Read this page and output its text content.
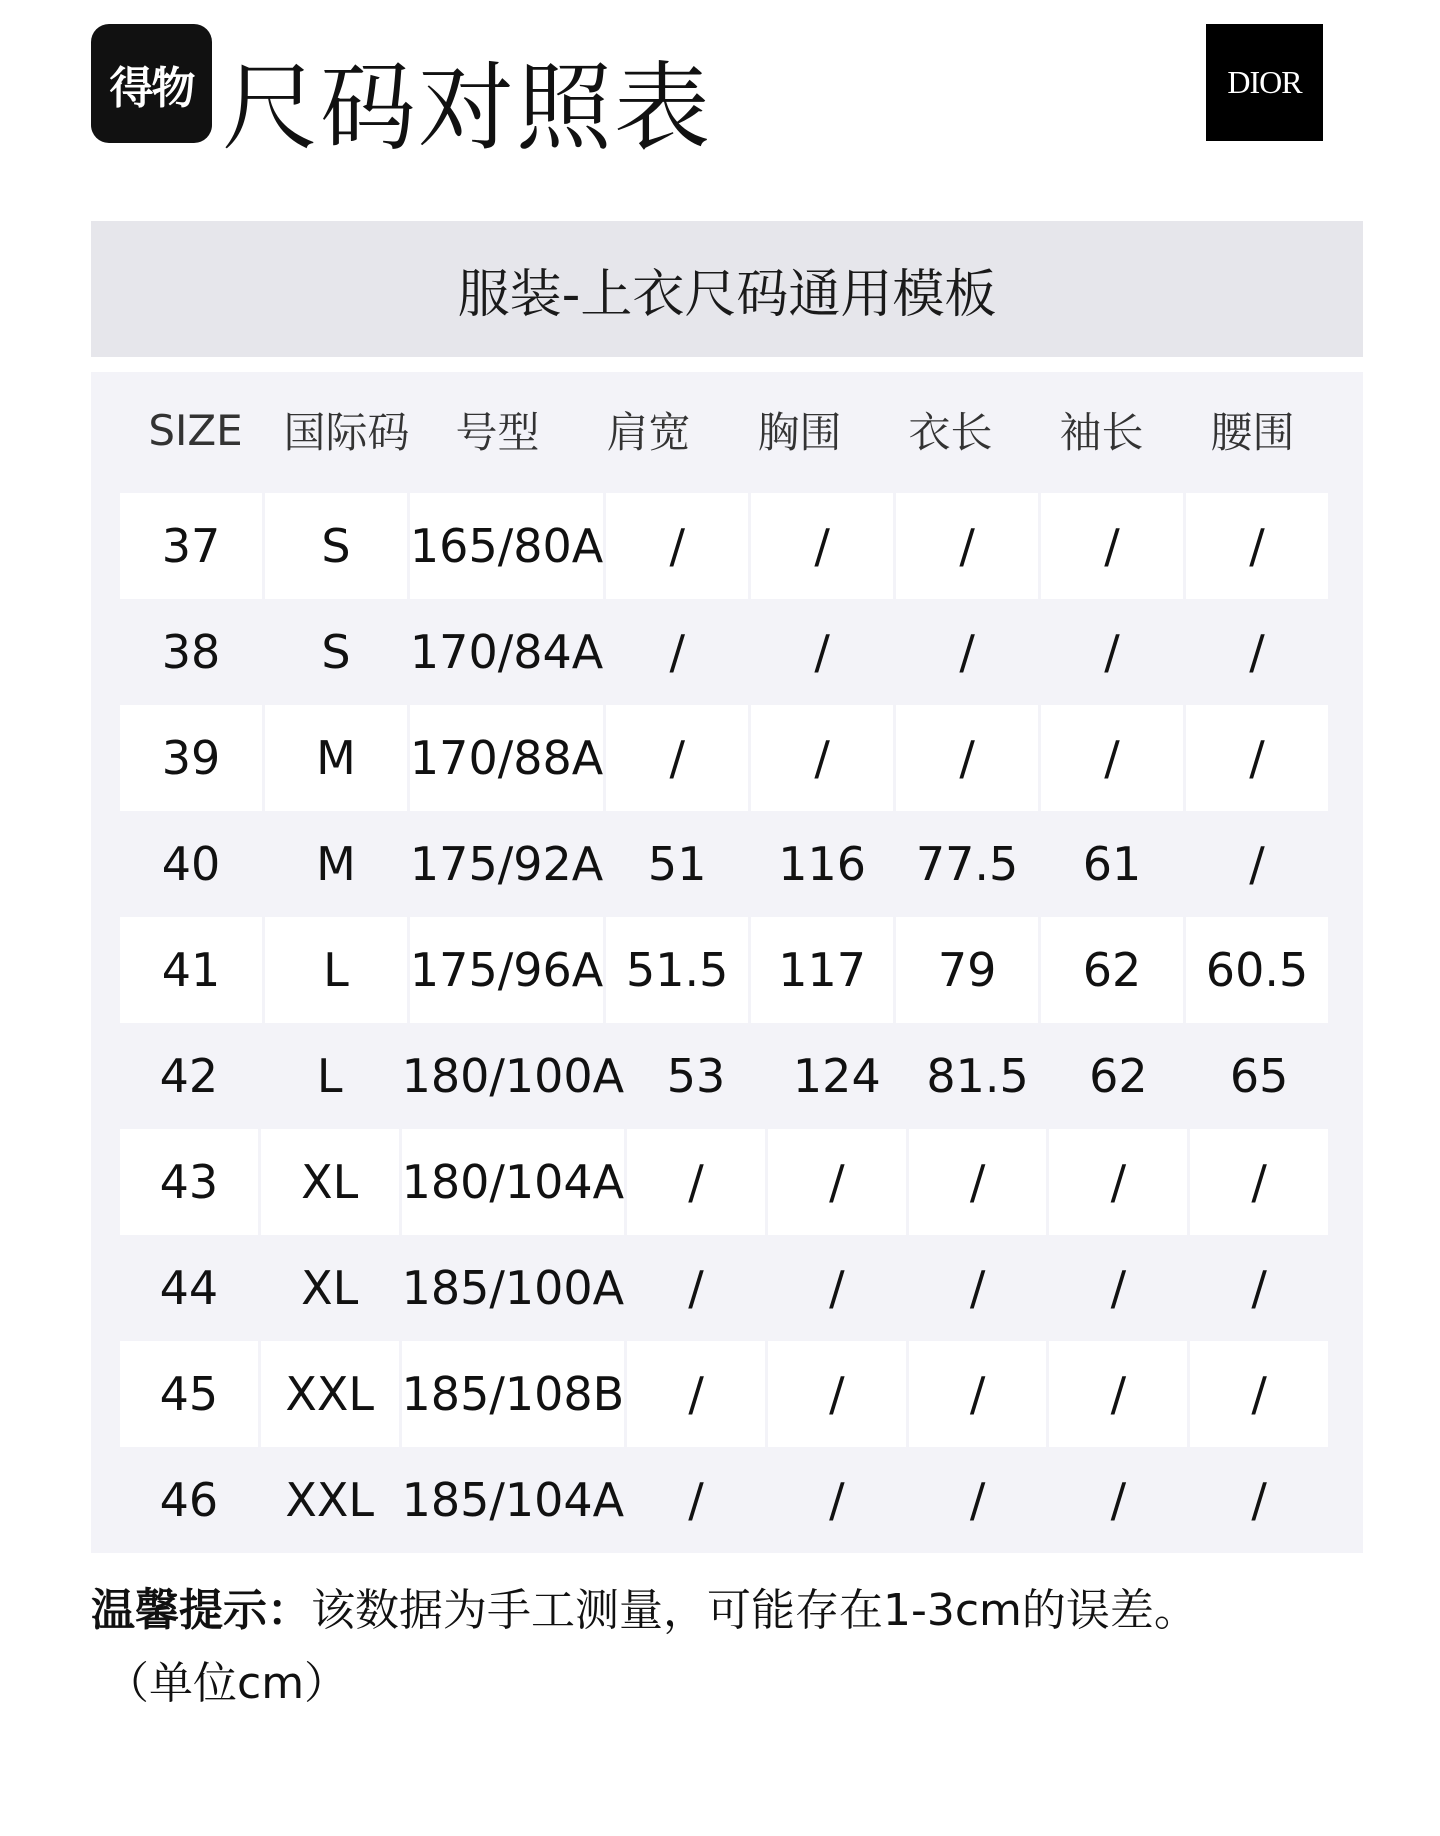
得物 尺码对照表	DIOR
服装-上衣尺码通用模板
SIZE 国际码	号型	肩宽	胸围	衣长	袖长	腰围
37	S	165/80A	/	/	/	/	/
38	S	170/84A	/	/	/	/	/
39	M	170/88A	/	/	/	/	/
40	M	175/92A 51	116	77.5	61	/
41	L	175/96A 51.5	117	79	62	60.5
42	L	180/100A 53	124 81.5	62	65
43	XL 180/104A	/	/	/	/	/
44	XL 185/100A	/	/	/	/	/
45	XXL 185/108B	/	/	/	/	/
46	XXL 185/104A	/	/	/	/	/
温馨提示：该数据为手工测量，可能存在1-3cm的误差。
（单位cm）
